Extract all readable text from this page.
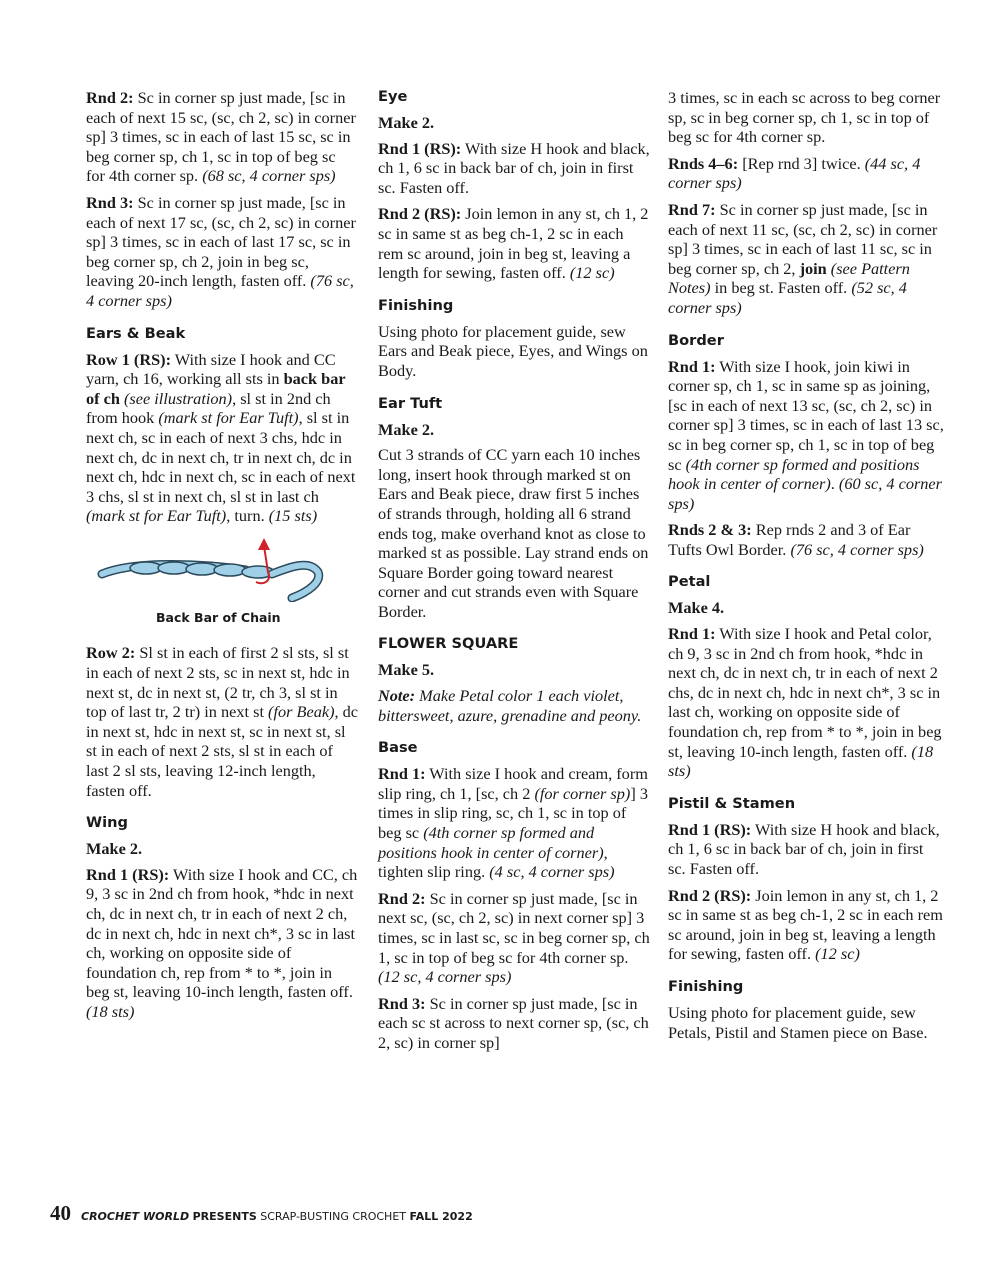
Rnd 2: Sc in corner sp just made, [sc in each of next 15 sc, (sc, ch 2, sc) in corner sp] 3 times, sc in each of last 15 sc, sc in beg corner sp, ch 1, sc in top of beg sc for 4th corner sp. (68 sc, 4 corner sps)

Rnd 3: Sc in corner sp just made, [sc in each of next 17 sc, (sc, ch 2, sc) in corner sp] 3 times, sc in each of last 17 sc, sc in beg corner sp, ch 2, join in beg sc, leaving 20-inch length, fasten off. (76 sc, 4 corner sps)

Ears & Beak

Row 1 (RS): With size I hook and CC yarn, ch 16, working all sts in back bar of ch (see illustration), sl st in 2nd ch from hook (mark st for Ear Tuft), sl st in next ch, sc in each of next 3 chs, hdc in next ch, dc in next ch, tr in next ch, dc in next ch, hdc in next ch, sc in each of next 3 chs, sl st in next ch, sl st in last ch (mark st for Ear Tuft), turn. (15 sts)

Back Bar of Chain

Row 2: Sl st in each of first 2 sl sts, sl st in each of next 2 sts, sc in next st, hdc in next st, dc in next st, (2 tr, ch 3, sl st in top of last tr, 2 tr) in next st (for Beak), dc in next st, hdc in next st, sc in next st, sl st in each of next 2 sts, sl st in each of last 2 sl sts, leaving 12-inch length, fasten off.

Wing

Make 2.

Rnd 1 (RS): With size I hook and CC, ch 9, 3 sc in 2nd ch from hook, *hdc in next ch, dc in next ch, tr in each of next 2 ch, dc in next ch, hdc in next ch*, 3 sc in last ch, working on opposite side of foundation ch, rep from * to *, join in beg st, leaving 10-inch length, fasten off. (18 sts)

Eye

Make 2.

Rnd 1 (RS): With size H hook and black, ch 1, 6 sc in back bar of ch, join in first sc. Fasten off.

Rnd 2 (RS): Join lemon in any st, ch 1, 2 sc in same st as beg ch-1, 2 sc in each rem sc around, join in beg st, leaving a length for sewing, fasten off. (12 sc)

Finishing

Using photo for placement guide, sew Ears and Beak piece, Eyes, and Wings on Body.

Ear Tuft

Make 2.

Cut 3 strands of CC yarn each 10 inches long, insert hook through marked st on Ears and Beak piece, draw first 5 inches of strands through, holding all 6 strand ends tog, make overhand knot as close to marked st as possible. Lay strand ends on Square Border going toward nearest corner and cut strands even with Square Border.

FLOWER SQUARE

Make 5.

Note: Make Petal color 1 each violet, bittersweet, azure, grenadine and peony.

Base

Rnd 1: With size I hook and cream, form slip ring, ch 1, [sc, ch 2 (for corner sp)] 3 times in slip ring, sc, ch 1, sc in top of beg sc (4th corner sp formed and positions hook in center of corner), tighten slip ring. (4 sc, 4 corner sps)

Rnd 2: Sc in corner sp just made, [sc in next sc, (sc, ch 2, sc) in next corner sp] 3 times, sc in last sc, sc in beg corner sp, ch 1, sc in top of beg sc for 4th corner sp. (12 sc, 4 corner sps)

Rnd 3: Sc in corner sp just made, [sc in each sc st across to next corner sp, (sc, ch 2, sc) in corner sp]

3 times, sc in each sc across to beg corner sp, sc in beg corner sp, ch 1, sc in top of beg sc for 4th corner sp.

Rnds 4–6: [Rep rnd 3] twice. (44 sc, 4 corner sps)

Rnd 7: Sc in corner sp just made, [sc in each of next 11 sc, (sc, ch 2, sc) in corner sp] 3 times, sc in each of last 11 sc, sc in beg corner sp, ch 2, join (see Pattern Notes) in beg st. Fasten off. (52 sc, 4 corner sps)

Border

Rnd 1: With size I hook, join kiwi in corner sp, ch 1, sc in same sp as joining, [sc in each of next 13 sc, (sc, ch 2, sc) in corner sp] 3 times, sc in each of last 13 sc, sc in beg corner sp, ch 1, sc in top of beg sc (4th corner sp formed and positions hook in center of corner). (60 sc, 4 corner sps)

Rnds 2 & 3: Rep rnds 2 and 3 of Ear Tufts Owl Border. (76 sc, 4 corner sps)

Petal

Make 4.

Rnd 1: With size I hook and Petal color, ch 9, 3 sc in 2nd ch from hook, *hdc in next ch, dc in next ch, tr in each of next 2 chs, dc in next ch, hdc in next ch*, 3 sc in last ch, working on opposite side of foundation ch, rep from * to *, join in beg st, leaving 10-inch length, fasten off. (18 sts)

Pistil & Stamen

Rnd 1 (RS): With size H hook and black, ch 1, 6 sc in back bar of ch, join in first sc. Fasten off.

Rnd 2 (RS): Join lemon in any st, ch 1, 2 sc in same st as beg ch-1, 2 sc in each rem sc around, join in beg st, leaving a length for sewing, fasten off. (12 sc)

Finishing

Using photo for placement guide, sew Petals, Pistil and Stamen piece on Base.

40 CROCHET WORLD PRESENTS SCRAP-BUSTING CROCHET FALL 2022
